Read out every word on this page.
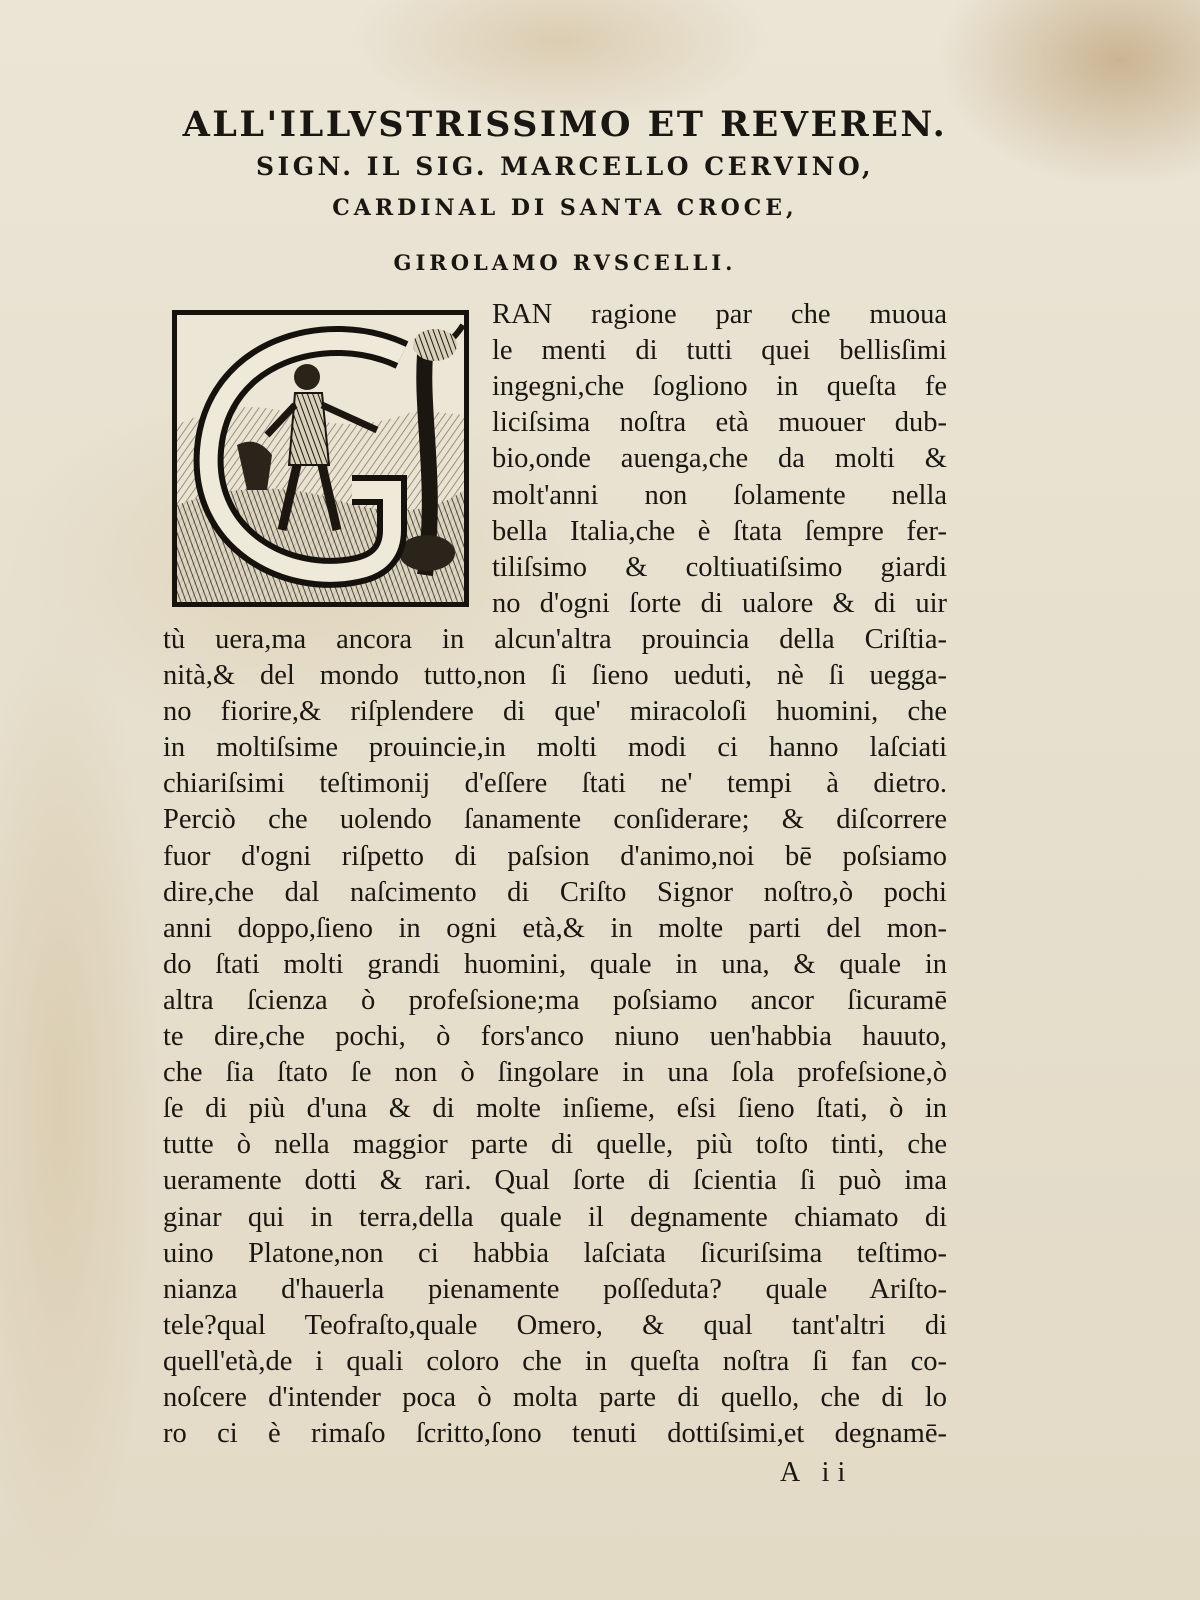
ALL'ILLVSTRISSIMO ET REVEREN.
SIGN. IL SIG. MARCELLO CERVINO,
CARDINAL DI SANTA CROCE,
GIROLAMO RVSCELLI.
RAN ragione par che muoua
le menti di tutti quei bellisſimi
ingegni,che ſogliono in queſta fe
liciſsima noſtra età muouer dub-
bio,onde auenga,che da molti &
molt'anni non ſolamente nella
bella Italia,che è ſtata ſempre fer-
tiliſsimo & coltiuatiſsimo giardi
no d'ogni ſorte di ualore & di uir
tù uera,ma ancora in alcun'altra prouincia della Criſtia-
nità,& del mondo tutto,non ſi ſieno ueduti, nè ſi uegga-
no fiorire,& riſplendere di que' miracoloſi huomini, che
in moltiſsime prouincie,in molti modi ci hanno laſciati
chiariſsimi teſtimonij d'eſſere ſtati ne' tempi à dietro.
Perciò che uolendo ſanamente conſiderare; & diſcorrere
fuor d'ogni riſpetto di paſsion d'animo,noi bē poſsiamo
dire,che dal naſcimento di Criſto Signor noſtro,ò pochi
anni doppo,ſieno in ogni età,& in molte parti del mon-
do ſtati molti grandi huomini, quale in una, & quale in
altra ſcienza ò profeſsione;ma poſsiamo ancor ſicuramē
te dire,che pochi, ò fors'anco niuno uen'habbia hauuto,
che ſia ſtato ſe non ò ſingolare in una ſola profeſsione,ò
ſe di più d'una & di molte inſieme, eſsi ſieno ſtati, ò in
tutte ò nella maggior parte di quelle, più toſto tinti, che
ueramente dotti & rari. Qual ſorte di ſcientia ſi può ima
ginar qui in terra,della quale il degnamente chiamato di
uino Platone,non ci habbia laſciata ſicuriſsima teſtimo-
nianza d'hauerla pienamente poſſeduta? quale Ariſto-
tele?qual Teofraſto,quale Omero, & qual tant'altri di
quell'età,de i quali coloro che in queſta noſtra ſi fan co-
noſcere d'intender poca ò molta parte di quello, che di lo
ro ci è rimaſo ſcritto,ſono tenuti dottiſsimi,et degnamē-
A ii
